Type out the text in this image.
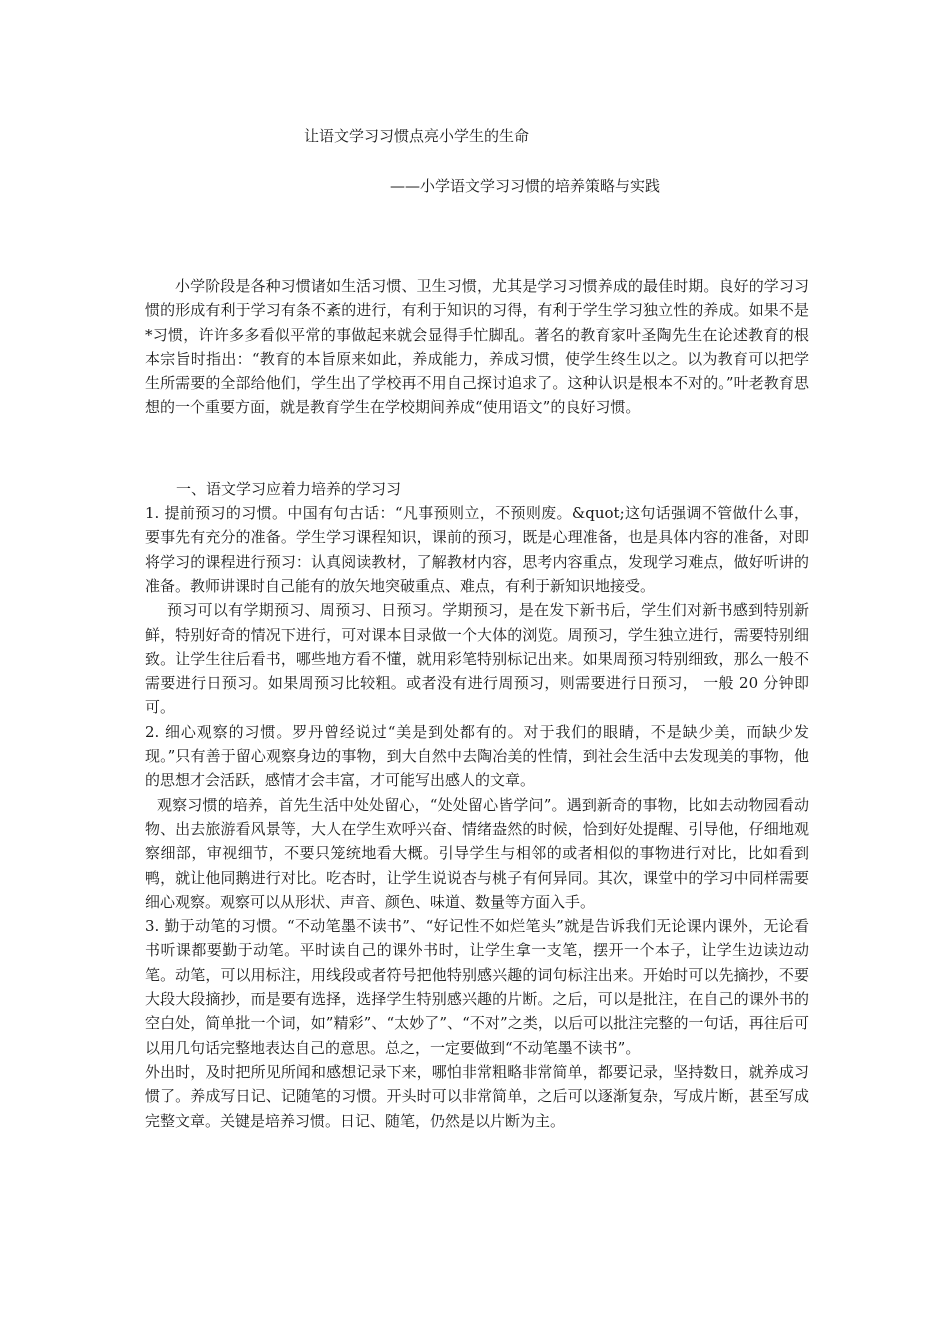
让语文学习习惯点亮小学生的生命
——小学语文学习习惯的培养策略与实践

小学阶段是各种习惯诸如生活习惯、卫生习惯，尤其是学习习惯养成的最佳时期。良好的学习习惯的形成有利于学习有条不紊的进行，有利于知识的习得，有利于学生学习独立性的养成。如果不是*习惯，许许多多看似平常的事做起来就会显得手忙脚乱。著名的教育家叶圣陶先生在论述教育的根本宗旨时指出：“教育的本旨原来如此，养成能力，养成习惯，使学生终生以之。以为教育可以把学生所需要的全部给他们，学生出了学校再不用自己探讨追求了。这种认识是根本不对的。”叶老教育思想的一个重要方面，就是教育学生在学校期间养成“使用语文”的良好习惯。

一、语文学习应着力培养的学习习

1. 提前预习的习惯。中国有句古话：“凡事预则立，不预则废。&quot;这句话强调不管做什么事，要事先有充分的准备。学生学习课程知识，课前的预习，既是心理准备，也是具体内容的准备，对即将学习的课程进行预习：认真阅读教材，了解教材内容，思考内容重点，发现学习难点，做好听讲的准备。教师讲课时自己能有的放矢地突破重点、难点，有利于新知识地接受。

预习可以有学期预习、周预习、日预习。学期预习，是在发下新书后，学生们对新书感到特别新鲜，特别好奇的情况下进行，可对课本目录做一个大体的浏览。周预习，学生独立进行，需要特别细致。让学生往后看书，哪些地方看不懂，就用彩笔特别标记出来。如果周预习特别细致，那么一般不需要进行日预习。如果周预习比较粗。或者没有进行周预习，则需要进行日预习， 一般 20 分钟即可。

2. 细心观察的习惯。罗丹曾经说过“美是到处都有的。对于我们的眼睛，不是缺少美，而缺少发现。”只有善于留心观察身边的事物，到大自然中去陶冶美的性情，到社会生活中去发现美的事物，他的思想才会活跃，感情才会丰富，才可能写出感人的文章。

观察习惯的培养，首先生活中处处留心，“处处留心皆学问”。遇到新奇的事物，比如去动物园看动物、出去旅游看风景等，大人在学生欢呼兴奋、情绪盎然的时候，恰到好处提醒、引导他，仔细地观察细部，审视细节，不要只笼统地看大概。引导学生与相邻的或者相似的事物进行对比，比如看到鸭，就让他同鹅进行对比。吃杏时，让学生说说杏与桃子有何异同。其次，课堂中的学习中同样需要细心观察。观察可以从形状、声音、颜色、味道、数量等方面入手。

3. 勤于动笔的习惯。“不动笔墨不读书”、“好记性不如烂笔头”就是告诉我们无论课内课外，无论看书听课都要勤于动笔。平时读自己的课外书时，让学生拿一支笔，摆开一个本子，让学生边读边动笔。动笔，可以用标注，用线段或者符号把他特别感兴趣的词句标注出来。开始时可以先摘抄，不要大段大段摘抄，而是要有选择，选择学生特别感兴趣的片断。之后，可以是批注，在自己的课外书的空白处，简单批一个词，如”精彩”、“太妙了”、“不对”之类，以后可以批注完整的一句话，再往后可以用几句话完整地表达自己的意思。总之，一定要做到“不动笔墨不读书”。

外出时，及时把所见所闻和感想记录下来，哪怕非常粗略非常简单，都要记录，坚持数日，就养成习惯了。养成写日记、记随笔的习惯。开头时可以非常简单，之后可以逐渐复杂，写成片断，甚至写成完整文章。关键是培养习惯。日记、随笔，仍然是以片断为主。
